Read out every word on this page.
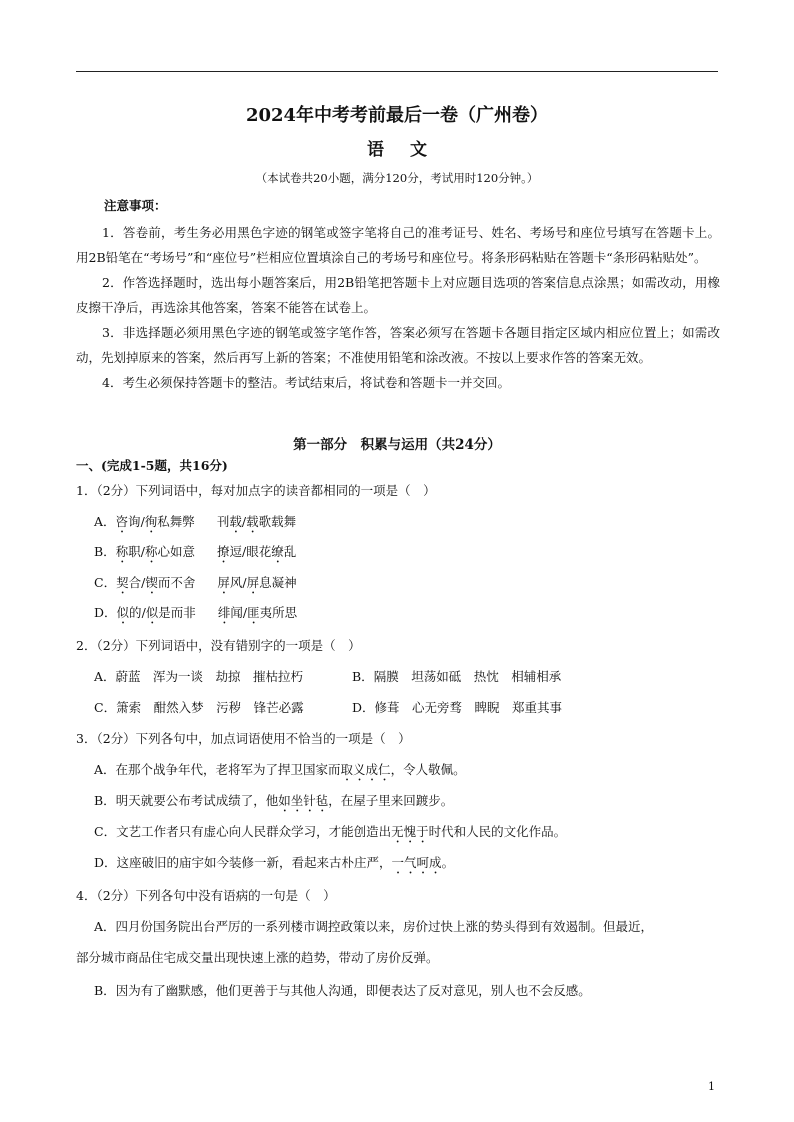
2024年中考考前最后一卷（广州卷）
语文
（本试卷共20小题，满分120分，考试用时120分钟。）
注意事项：

1．答卷前，考生务必用黑色字迹的钢笔或签字笔将自己的准考证号、姓名、考场号和座位号填写在答题卡上。用2B铅笔在“考场号”和“座位号”栏相应位置填涂自己的考场号和座位号。将条形码粘贴在答题卡“条形码粘贴处”。

2．作答选择题时，选出每小题答案后，用2B铅笔把答题卡上对应题目选项的答案信息点涂黑；如需改动，用橡皮擦干净后，再选涂其他答案，答案不能答在试卷上。

3．非选择题必须用黑色字迹的钢笔或签字笔作答，答案必须写在答题卡各题目指定区域内相应位置上；如需改动，先划掉原来的答案，然后再写上新的答案；不准使用铅笔和涂改液。不按以上要求作答的答案无效。

4．考生必须保持答题卡的整洁。考试结束后，将试卷和答题卡一并交回。

第一部分　积累与运用（共24分）
一、(完成1-5题，共16分)
1．（2分）下列词语中，每对加点字的读音都相同的一项是（　）
A．咨询/徇私舞弊 刊载/载歌载舞
B．称职/称心如意 撩逗/眼花缭乱
C．契合/锲而不舍 屏风/屏息凝神
D．似的/似是而非 绯闻/匪夷所思
2．（2分）下列词语中，没有错别字的一项是（　）
A．蔚蓝　浑为一谈　劫掠　摧枯拉朽	B．隔膜　坦荡如砥　热忱　相辅相承
C．箫索　酣然入梦　污秽　锋芒必露	D．修葺　心无旁骛　睥睨　郑重其事
3．（2分）下列各句中，加点词语使用不恰当的一项是（　）
A．在那个战争年代，老将军为了捍卫国家而取义成仁，令人敬佩。
B．明天就要公布考试成绩了，他如坐针毡，在屋子里来回踱步。
C．文艺工作者只有虚心向人民群众学习，才能创造出无愧于时代和人民的文化作品。
D．这座破旧的庙宇如今装修一新，看起来古朴庄严，一气呵成。
4．（2分）下列各句中没有语病的一句是（　）
A．四月份国务院出台严厉的一系列楼市调控政策以来，房价过快上涨的势头得到有效遏制。但最近，
部分城市商品住宅成交量出现快速上涨的趋势，带动了房价反弹。
B．因为有了幽默感，他们更善于与其他人沟通，即便表达了反对意见，别人也不会反感。
1
